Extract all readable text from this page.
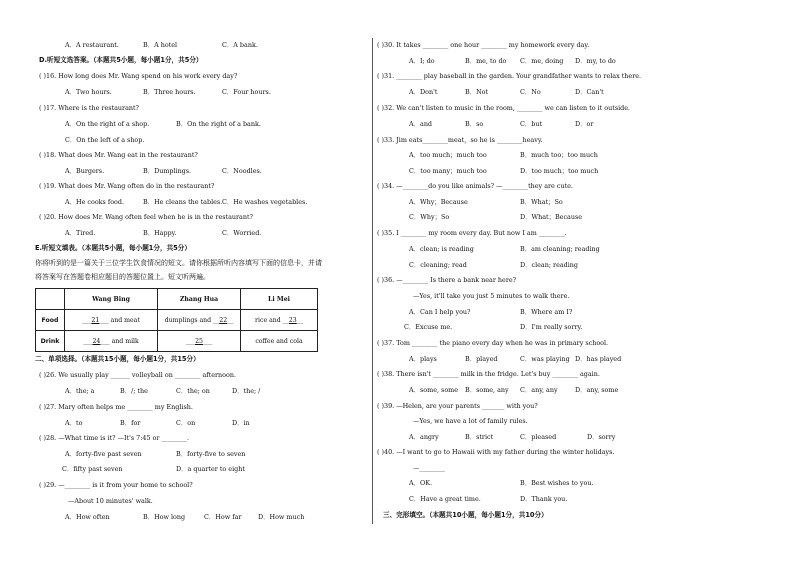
A．A restaurant.	B．A hotel	C．A bank.
D.听短文选答案。（本题共5小题，每小题1分，共5分）
( )16. How long does Mr. Wang spend on his work every day?
A．Two hours.	B．Three hours.	C．Four hours.
( )17. Where is the restaurant?
A．On the right of a shop.	B．On the right of a bank.
C．On the left of a shop.
( )18. What does Mr. Wang eat in the restaurant?
A．Burgers.	B．Dumplings.	C．Noodles.
( )19. What does Mr. Wang often do in the restaurant?
A．He cooks food.	B．He cleans the tables. C．He washes vegetables.
( )20. How does Mr. Wang often feel when he is in the restaurant?
A．Tired.	B．Happy.	C．Worried.
E.听短文填表。（本题共5小题，每小题1分，共5分）
你将听到的是一篇关于三位学生饮食情况的短文。请你根据所听内容填写下面的信息卡，并请
将答案写在答题卷相应题目的答题位置上。短文听两遍。
	Wang Bing	Zhang Hua	Li Mei
Food	___21___ and meat	dumplings and __22__	rice and __23__
Drink	___24___ and milk	___25___	coffee and cola
二、单项选择。（本题共15小题，每小题1分，共15分）
( )26. We usually play ______ volleyball on ________ afternoon.
A．the; a	B．/; the	C．the; on	D．the; /
( )27. Mary often helps me ________ my English.
A．to	B．for	C．on	D．in
( )28. —What time is it? —It's 7:45 or ________.
A．forty-five past seven	B．forty-five to seven
C．fifty past seven	D．a quarter to eight
( )29. —________ is it from your home to school?
—About 10 minutes' walk.
A．How often	B．How long	C．How far	D．How much
( )30. It takes ________ one hour ________ my homework every day.
A．I; do	B．me, to do C．me, doing D．my, to do
( )31. ________ play baseball in the garden. Your grandfather wants to relax there.
A．Don't	B．Not	C．No	D．Can't
( )32. We can't listen to music in the room, ________ we can listen to it outside.
A．and	B．so	C．but	D．or
( )33. Jim eats________meat，so he is ________heavy.
A．too much；much too	B．much too；too much
C．too many；much too	D．too much；too much
( )34. —________do you like animals? —________they are cute.
A．Why；Because	B．What；So
C．Why；So	D．What；Because
( )35. I ________ my room every day. But now I am ________.
A．clean; is reading	B．am cleaning; reading
C．cleaning; read	D．clean; reading
( )36. —________ Is there a bank near here?
—Yes, it'll take you just 5 minutes to walk there.
A．Can I help you?	B．Where am I?
C．Excuse me.	D．I'm really sorry.
( )37. Tom ________ the piano every day when he was in primary school.
A．plays	B．played	C．was playing D．has played
( )38. There isn't ________ milk in the fridge. Let's buy ________ again.
A．some, some B．some, any C．any, any	D．any, some
( )39. —Helen, are your parents _______ with you?
—Yes, we have a lot of family rules.
A．angry	B．strict	C．pleased	D．sorry
( )40. —I want to go to Hawaii with my father during the winter holidays.
—________
A．OK.	B．Best wishes to you.
C．Have a great time.	D．Thank you.
三、完形填空。（本题共10小题，每小题1分，共10分）
